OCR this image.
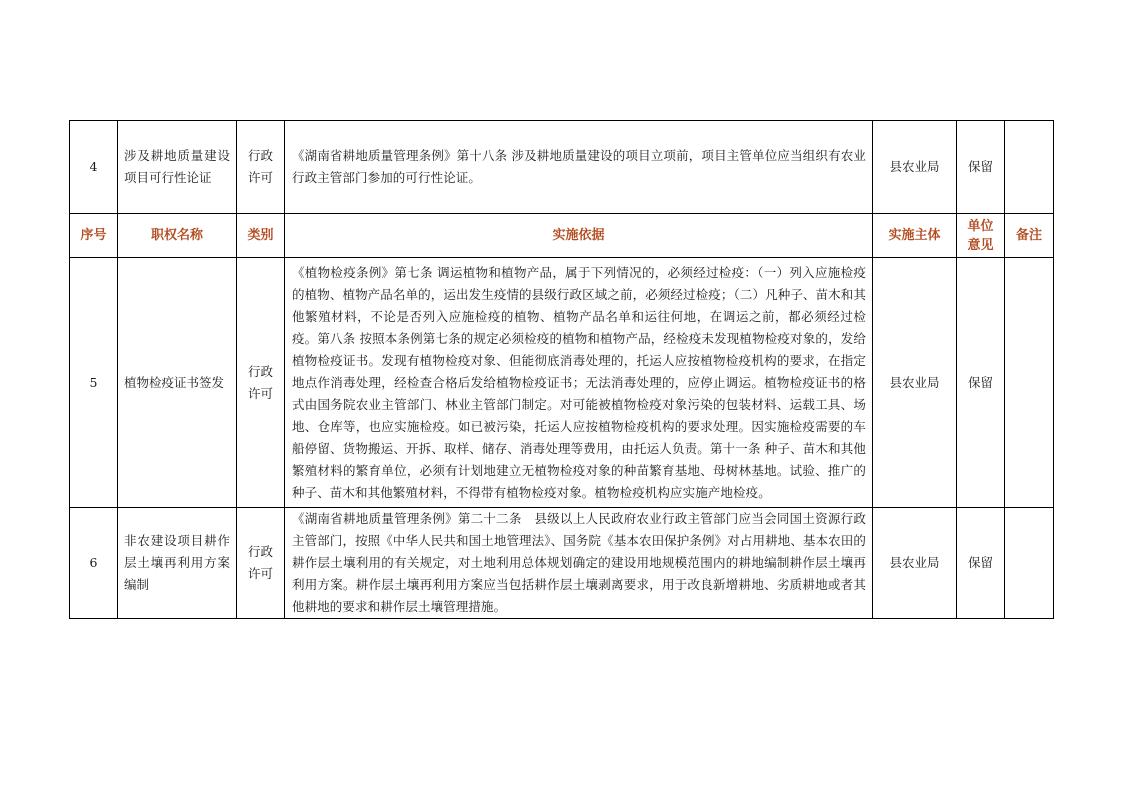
4	涉及耕地质量建设项目可行性论证	行政许可	《湖南省耕地质量管理条例》第十八条 涉及耕地质量建设的项目立项前，项目主管单位应当组织有农业行政主管部门参加的可行性论证。	县农业局	保留	
序号	职权名称	类别	实施依据	实施主体	单位意见	备注
5	植物检疫证书签发	行政许可	《植物检疫条例》第七条 调运植物和植物产品，属于下列情况的，必须经过检疫：（一）列入应施检疫的植物、植物产品名单的，运出发生疫情的县级行政区域之前，必须经过检疫；（二）凡种子、苗木和其他繁殖材料，不论是否列入应施检疫的植物、植物产品名单和运往何地，在调运之前，都必须经过检疫。第八条 按照本条例第七条的规定必须检疫的植物和植物产品，经检疫未发现植物检疫对象的，发给植物检疫证书。发现有植物检疫对象、但能彻底消毒处理的，托运人应按植物检疫机构的要求，在指定地点作消毒处理，经检查合格后发给植物检疫证书；无法消毒处理的，应停止调运。植物检疫证书的格式由国务院农业主管部门、林业主管部门制定。对可能被植物检疫对象污染的包装材料、运载工具、场地、仓库等，也应实施检疫。如已被污染，托运人应按植物检疫机构的要求处理。因实施检疫需要的车船停留、货物搬运、开拆、取样、储存、消毒处理等费用，由托运人负责。第十一条 种子、苗木和其他繁殖材料的繁育单位，必须有计划地建立无植物检疫对象的种苗繁育基地、母树林基地。试验、推广的种子、苗木和其他繁殖材料，不得带有植物检疫对象。植物检疫机构应实施产地检疫。	县农业局	保留	
6	非农建设项目耕作层土壤再利用方案编制	行政许可	《湖南省耕地质量管理条例》第二十二条　县级以上人民政府农业行政主管部门应当会同国土资源行政主管部门，按照《中华人民共和国土地管理法》、国务院《基本农田保护条例》对占用耕地、基本农田的耕作层土壤利用的有关规定，对土地利用总体规划确定的建设用地规模范围内的耕地编制耕作层土壤再利用方案。耕作层土壤再利用方案应当包括耕作层土壤剥离要求，用于改良新增耕地、劣质耕地或者其他耕地的要求和耕作层土壤管理措施。	县农业局	保留	
